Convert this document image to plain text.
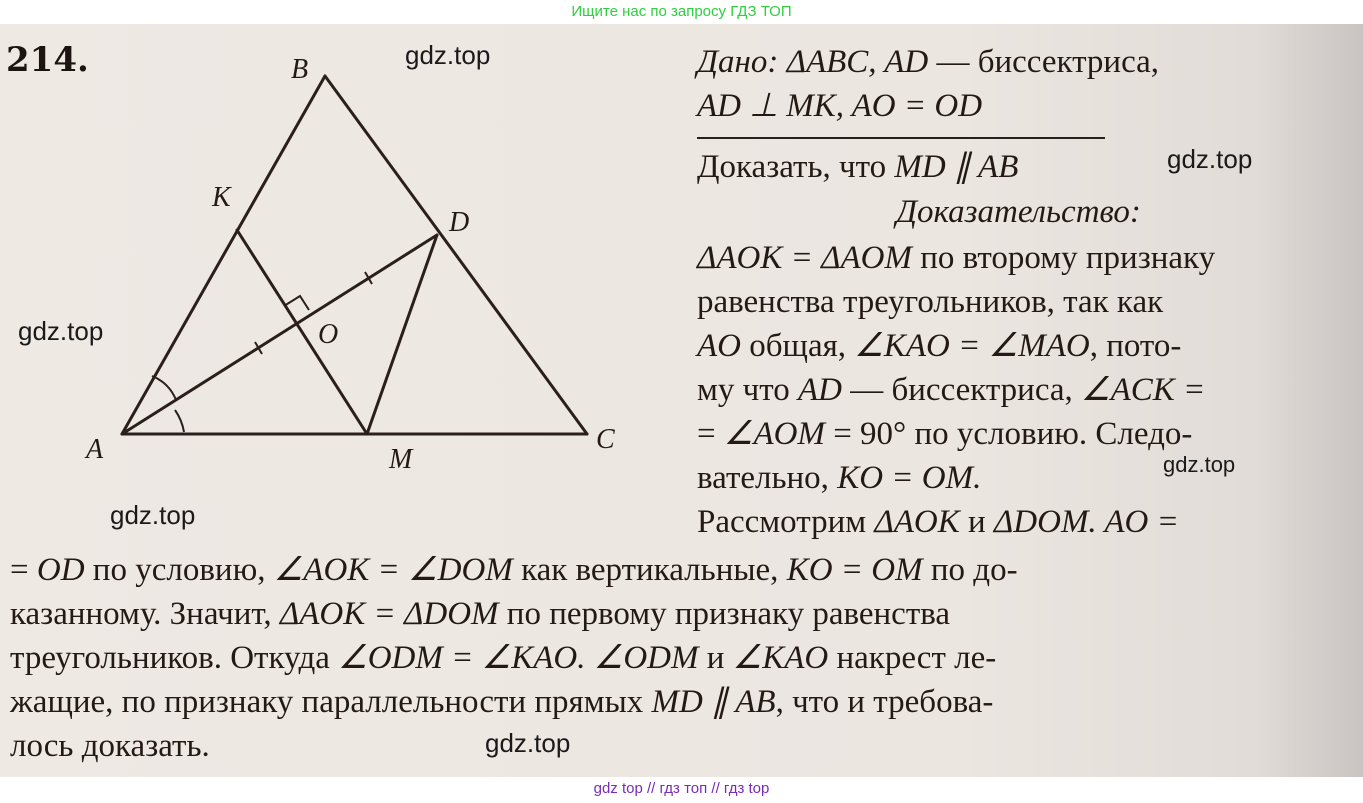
Ищите нас по запросу ГДЗ ТОП
214.	B
K
D
O
A	M
C
Дано: ΔABC, AD — биссектриса,
AD ⊥ MK, AO = OD
Доказать, что MD ∥ AB
Доказательство:
ΔAOK = ΔAOM по второму признаку
равенства треугольников, так как
AO общая, ∠KAO = ∠MAO, пото-
му что AD — биссектриса, ∠ACK =
= ∠AOM = 90° по условию. Следо-
вательно, KO = OM.
Рассмотрим ΔAOK и ΔDOM. AO =
= OD по условию, ∠AOK = ∠DOM как вертикальные, KO = OM по до-
казанному. Значит, ΔAOK = ΔDOM по первому признаку равенства
треугольников. Откуда ∠ODM = ∠KAO. ∠ODM и ∠KAO накрест ле-
жащие, по признаку параллельности прямых MD ∥ AB, что и требова-
лось доказать.
gdz.top
gdz.top
gdz.top
gdz.top
gdz.top
gdz.top
gdz top // гдз топ // гдз top
